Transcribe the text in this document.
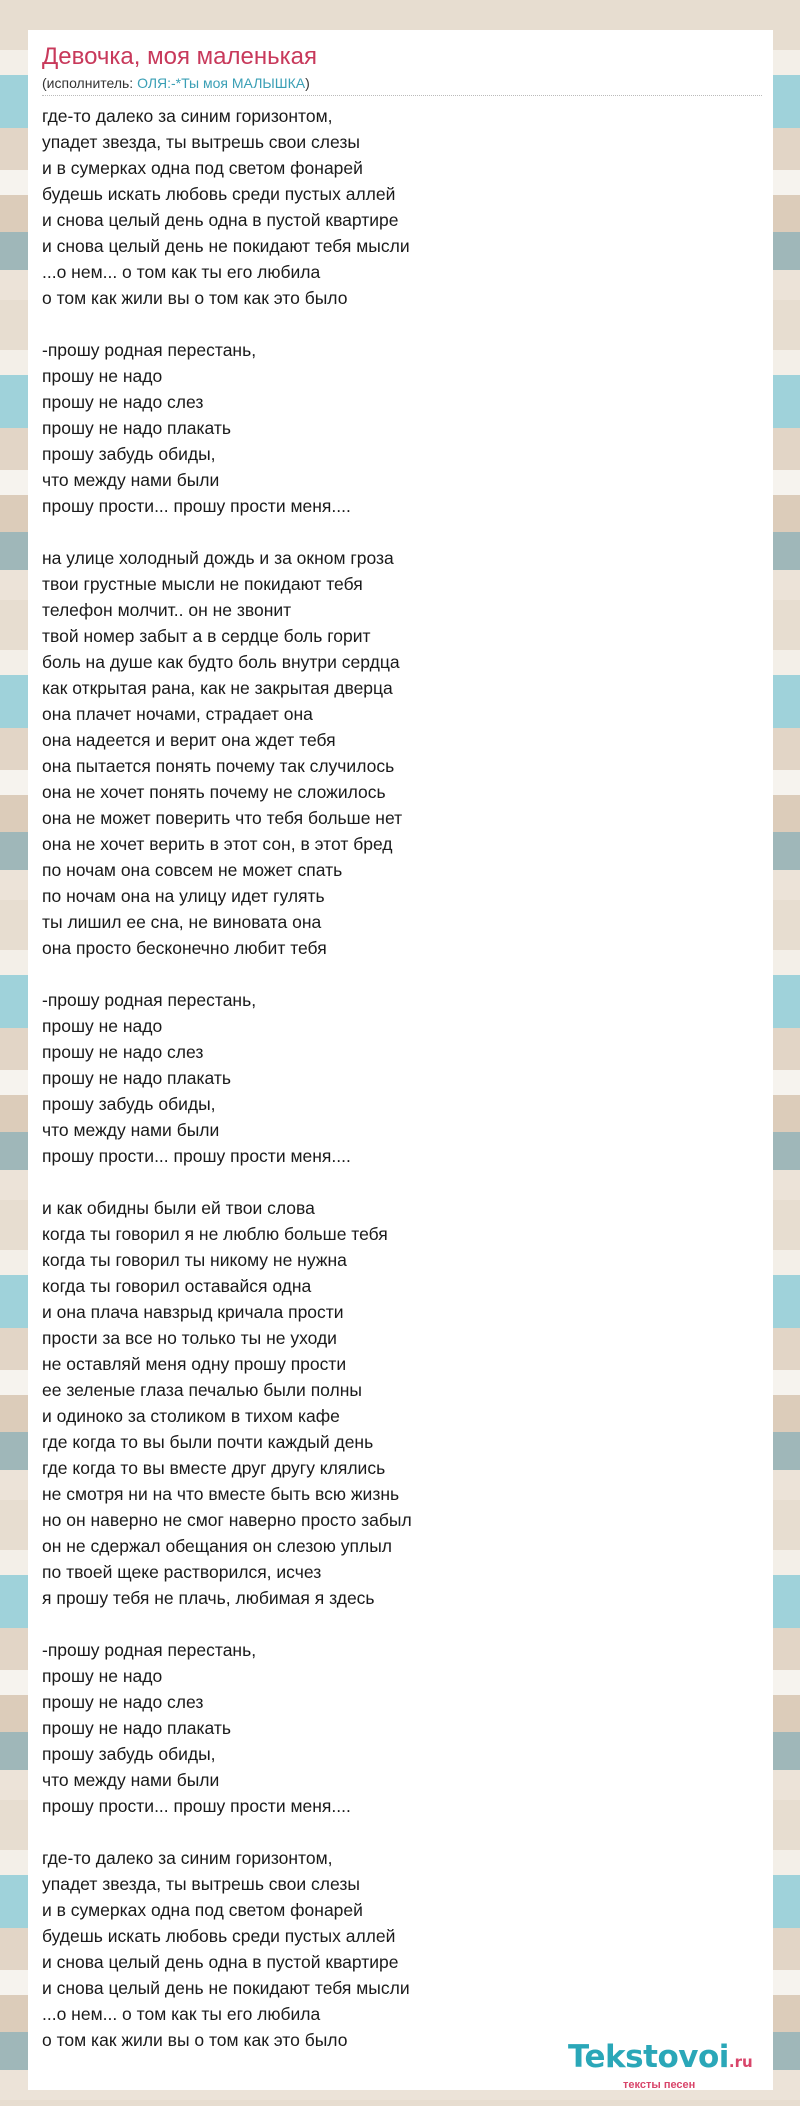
Девочка, моя маленькая
(исполнитель: ОЛЯ:-*Ты моя МАЛЫШКА)
где-то далеко за синим горизонтом,
упадет звезда, ты вытрешь свои слезы
и в сумерках одна под светом фонарей
будешь искать любовь среди пустых аллей
и снова целый день одна в пустой квартире
и снова целый день не покидают тебя мысли
...о нем... о том как ты его любила
о том как жили вы о том как это было
-прошу родная перестань,
прошу не надо
прошу не надо слез
прошу не надо плакать
прошу забудь обиды,
что между нами были
прошу прости... прошу прости меня....
на улице холодный дождь и за окном гроза
твои грустные мысли не покидают тебя
телефон молчит.. он не звонит
твой номер забыт а в сердце боль горит
боль на душе как будто боль внутри сердца
как открытая рана, как не закрытая дверца
она плачет ночами, страдает она
она надеется и верит она ждет тебя
она пытается понять почему так случилось
она не хочет понять почему не сложилось
она не может поверить что тебя больше нет
она не хочет верить в этот сон, в этот бред
по ночам она совсем не может спать
по ночам она на улицу идет гулять
ты лишил ее сна, не виновата она
она просто бесконечно любит тебя
-прошу родная перестань,
прошу не надо
прошу не надо слез
прошу не надо плакать
прошу забудь обиды,
что между нами были
прошу прости... прошу прости меня....
и как обидны были ей твои слова
когда ты говорил я не люблю больше тебя
когда ты говорил ты никому не нужна
когда ты говорил оставайся одна
и она плача навзрыд кричала прости
прости за все но только ты не уходи
не оставляй меня одну прошу прости
ее зеленые глаза печалью были полны
и одиноко за столиком в тихом кафе
где когда то вы были почти каждый день
где когда то вы вместе друг другу клялись
не смотря ни на что вместе быть всю жизнь
но он наверно не смог наверно просто забыл
он не сдержал обещания он слезою уплыл
по твоей щеке растворился, исчез
я прошу тебя не плачь, любимая я здесь
-прошу родная перестань,
прошу не надо
прошу не надо слез
прошу не надо плакать
прошу забудь обиды,
что между нами были
прошу прости... прошу прости меня....
где-то далеко за синим горизонтом,
упадет звезда, ты вытрешь свои слезы
и в сумерках одна под светом фонарей
будешь искать любовь среди пустых аллей
и снова целый день одна в пустой квартире
и снова целый день не покидают тебя мысли
...о нем... о том как ты его любила
о том как жили вы о том как это было	Tekstovoi.ru
тексты песен
